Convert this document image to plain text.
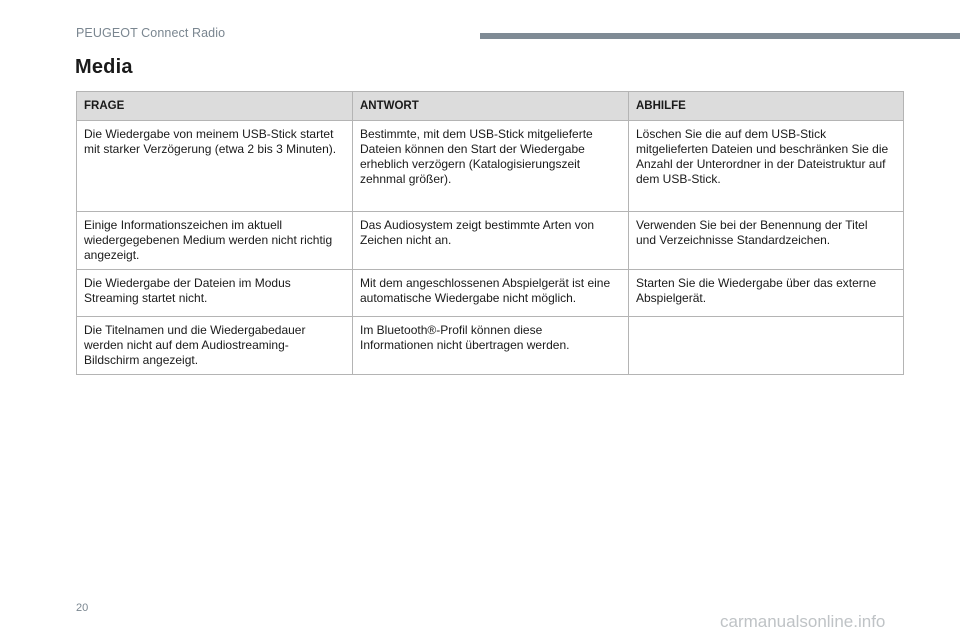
PEUGEOT Connect Radio
Media
FRAGE	ANTWORT	ABHILFE
Die Wiedergabe von meinem USB-Stick startet
mit starker Verzögerung (etwa 2 bis 3 Minuten).	Bestimmte, mit dem USB-Stick mitgelieferte
Dateien können den Start der Wiedergabe
erheblich verzögern (Katalogisierungszeit
zehnmal größer).	Löschen Sie die auf dem USB-Stick
mitgelieferten Dateien und beschränken Sie die
Anzahl der Unterordner in der Dateistruktur auf
dem USB-Stick.
Einige Informationszeichen im aktuell
wiedergegebenen Medium werden nicht richtig
angezeigt.	Das Audiosystem zeigt bestimmte Arten von
Zeichen nicht an.	Verwenden Sie bei der Benennung der Titel
und Verzeichnisse Standardzeichen.
Die Wiedergabe der Dateien im Modus
Streaming startet nicht.	Mit dem angeschlossenen Abspielgerät ist eine
automatische Wiedergabe nicht möglich.	Starten Sie die Wiedergabe über das externe
Abspielgerät.
Die Titelnamen und die Wiedergabedauer
werden nicht auf dem Audiostreaming-
Bildschirm angezeigt.	Im Bluetooth®-Profil können diese
Informationen nicht übertragen werden.	
20
carmanualsonline.info
